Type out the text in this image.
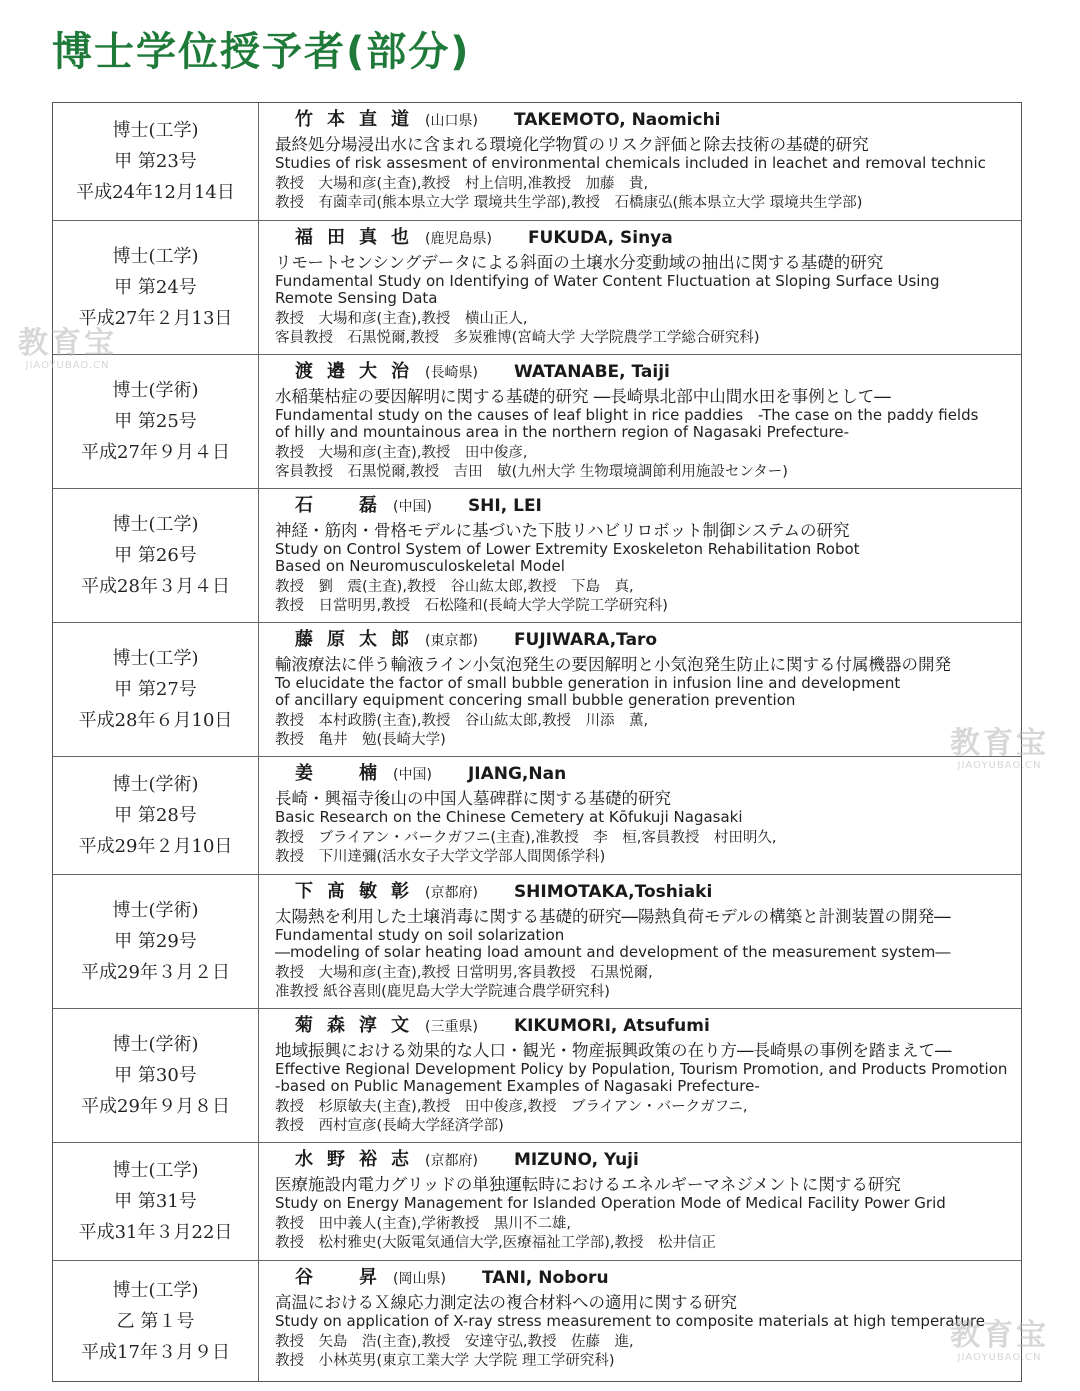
博士学位授予者(部分)
博士(工学)
甲 第23号
平成24年12月14日
竹本直道 (山口県) TAKEMOTO, Naomichi
最終処分場浸出水に含まれる環境化学物質のリスク評価と除去技術の基礎的研究
Studies of risk assesment of environmental chemicals included in leachet and removal technic
教授　大場和彦(主査),教授　村上信明,准教授　加藤　貴,
教授　有薗幸司(熊本県立大学 環境共生学部),教授　石橋康弘(熊本県立大学 環境共生学部)
博士(工学)
甲 第24号
平成27年２月13日
福田真也 (鹿児島県) FUKUDA, Sinya
リモートセンシングデータによる斜面の土壌水分変動域の抽出に関する基礎的研究
Fundamental Study on Identifying of Water Content Fluctuation at Sloping Surface Using
Remote Sensing Data
教授　大場和彦(主査),教授　横山正人,
客員教授　石黒悦爾,教授　多炭雅博(宮崎大学 大学院農学工学総合研究科)
博士(学術)
甲 第25号
平成27年９月４日
渡邉大治 (長崎県) WATANABE, Taiji
水稲葉枯症の要因解明に関する基礎的研究 ―長崎県北部中山間水田を事例として―
Fundamental study on the causes of leaf blight in rice paddies　-The case on the paddy fields
of hilly and mountainous area in the northern region of Nagasaki Prefecture-
教授　大場和彦(主査),教授　田中俊彦,
客員教授　石黒悦爾,教授　吉田　敏(九州大学 生物環境調節利用施設センター)
博士(工学)
甲 第26号
平成28年３月４日
石　磊 (中国) SHI, LEI
神経・筋肉・骨格モデルに基づいた下肢リハビリロボット制御システムの研究
Study on Control System of Lower Extremity Exoskeleton Rehabilitation Robot
Based on Neuromusculoskeletal Model
教授　劉　震(主査),教授　谷山紘太郎,教授　下島　真,
教授　日當明男,教授　石松隆和(長崎大学大学院工学研究科)
博士(工学)
甲 第27号
平成28年６月10日
藤原太郎 (東京都) FUJIWARA,Taro
輸液療法に伴う輸液ライン小気泡発生の要因解明と小気泡発生防止に関する付属機器の開発
To elucidate the factor of small bubble generation in infusion line and development
of ancillary equipment concering small bubble generation prevention
教授　本村政勝(主査),教授　谷山紘太郎,教授　川添　薫,
教授　亀井　勉(長崎大学)
博士(学術)
甲 第28号
平成29年２月10日
姜　楠 (中国) JIANG,Nan
長崎・興福寺後山の中国人墓碑群に関する基礎的研究
Basic Research on the Chinese Cemetery at Kōfukuji Nagasaki
教授　ブライアン・バークガフニ(主査),准教授　李　桓,客員教授　村田明久,
教授　下川達彌(活水女子大学文学部人間関係学科)
博士(学術)
甲 第29号
平成29年３月２日
下髙敏彰 (京都府) SHIMOTAKA,Toshiaki
太陽熱を利用した土壌消毒に関する基礎的研究―陽熱負荷モデルの構築と計測装置の開発―
Fundamental study on soil solarization
―modeling of solar heating load amount and development of the measurement system―
教授　大場和彦(主査),教授 日當明男,客員教授　石黒悦爾,
准教授 紙谷喜則(鹿児島大学大学院連合農学研究科)
博士(学術)
甲 第30号
平成29年９月８日
菊森淳文 (三重県) KIKUMORI, Atsufumi
地域振興における効果的な人口・観光・物産振興政策の在り方―長崎県の事例を踏まえて―
Effective Regional Development Policy by Population, Tourism Promotion, and Products Promotion
-based on Public Management Examples of Nagasaki Prefecture-
教授　杉原敏夫(主査),教授　田中俊彦,教授　ブライアン・バークガフニ,
教授　西村宣彦(長崎大学経済学部)
博士(工学)
甲 第31号
平成31年３月22日
水野裕志 (京都府) MIZUNO, Yuji
医療施設内電力グリッドの単独運転時におけるエネルギーマネジメントに関する研究
Study on Energy Management for Islanded Operation Mode of Medical Facility Power Grid
教授　田中義人(主査),学術教授　黒川不二雄,
教授　松村雅史(大阪電気通信大学,医療福祉工学部),教授　松井信正
博士(工学)
乙 第１号
平成17年３月９日
谷　昇 (岡山県) TANI, Noboru
高温におけるＸ線応力測定法の複合材料への適用に関する研究
Study on application of X-ray stress measurement to composite materials at high temperature
教授　矢島　浩(主査),教授　安達守弘,教授　佐藤　進,
教授　小林英男(東京工業大学 大学院 理工学研究科)
教育宝
JIAOYUBAO.CN
教育宝
JIAOYUBAO.CN
教育宝
JIAOYUBAO.CN
